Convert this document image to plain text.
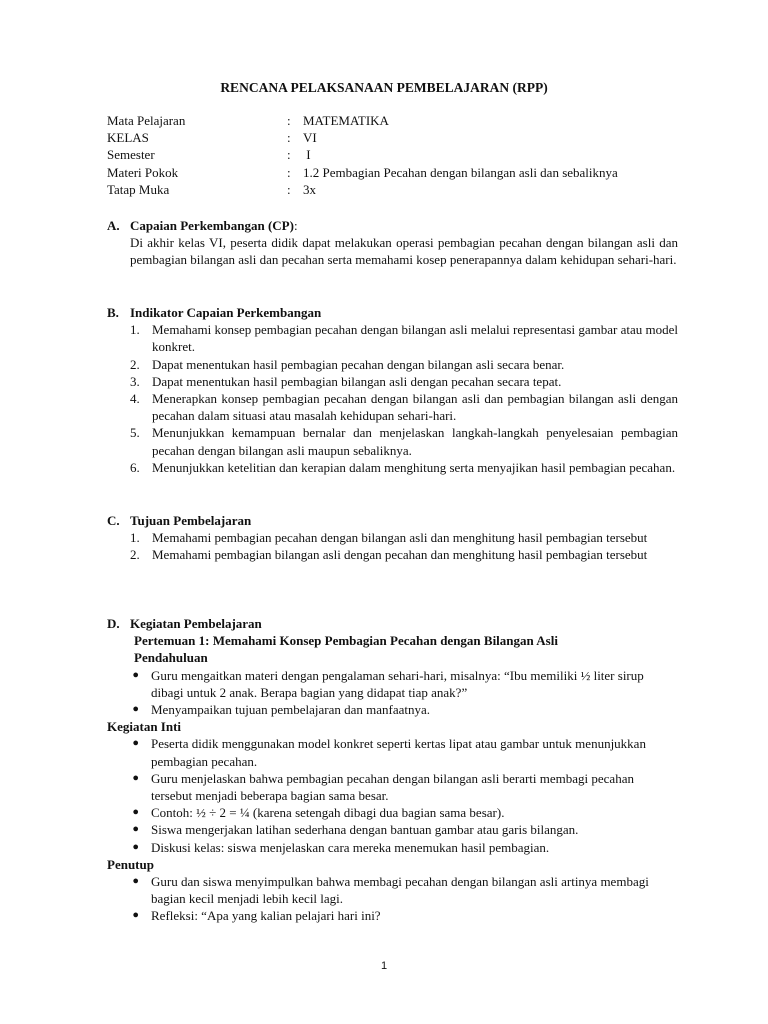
RENCANA PELAKSANAAN PEMBELAJARAN (RPP)
Mata Pelajaran	: MATEMATIKA
KELAS	: VI
Semester	: I
Materi Pokok	: 1.2 Pembagian Pecahan dengan bilangan asli dan sebaliknya
Tatap Muka	: 3x
A. Capaian Perkembangan (CP):
Di akhir kelas VI, peserta didik dapat melakukan operasi pembagian pecahan dengan bilangan asli dan pembagian bilangan asli dan pecahan serta memahami kosep penerapannya dalam kehidupan sehari-hari.
B. Indikator Capaian Perkembangan
1. Memahami konsep pembagian pecahan dengan bilangan asli melalui representasi gambar atau model konkret.
2. Dapat menentukan hasil pembagian pecahan dengan bilangan asli secara benar.
3. Dapat menentukan hasil pembagian bilangan asli dengan pecahan secara tepat.
4. Menerapkan konsep pembagian pecahan dengan bilangan asli dan pembagian bilangan asli dengan pecahan dalam situasi atau masalah kehidupan sehari-hari.
5. Menunjukkan kemampuan bernalar dan menjelaskan langkah-langkah penyelesaian pembagian pecahan dengan bilangan asli maupun sebaliknya.
6. Menunjukkan ketelitian dan kerapian dalam menghitung serta menyajikan hasil pembagian pecahan.
C. Tujuan Pembelajaran
1. Memahami pembagian pecahan dengan bilangan asli dan menghitung hasil pembagian tersebut
2. Memahami pembagian bilangan asli dengan pecahan dan menghitung hasil pembagian tersebut
D. Kegiatan Pembelajaran
Pertemuan 1: Memahami Konsep Pembagian Pecahan dengan Bilangan Asli
Pendahuluan
● Guru mengaitkan materi dengan pengalaman sehari-hari, misalnya: “Ibu memiliki ½ liter sirup dibagi untuk 2 anak. Berapa bagian yang didapat tiap anak?”
● Menyampaikan tujuan pembelajaran dan manfaatnya.
Kegiatan Inti
● Peserta didik menggunakan model konkret seperti kertas lipat atau gambar untuk menunjukkan pembagian pecahan.
● Guru menjelaskan bahwa pembagian pecahan dengan bilangan asli berarti membagi pecahan tersebut menjadi beberapa bagian sama besar.
● Contoh: ½ ÷ 2 = ¼ (karena setengah dibagi dua bagian sama besar).
● Siswa mengerjakan latihan sederhana dengan bantuan gambar atau garis bilangan.
● Diskusi kelas: siswa menjelaskan cara mereka menemukan hasil pembagian.
Penutup
● Guru dan siswa menyimpulkan bahwa membagi pecahan dengan bilangan asli artinya membagi bagian kecil menjadi lebih kecil lagi.
● Refleksi: “Apa yang kalian pelajari hari ini?
1
